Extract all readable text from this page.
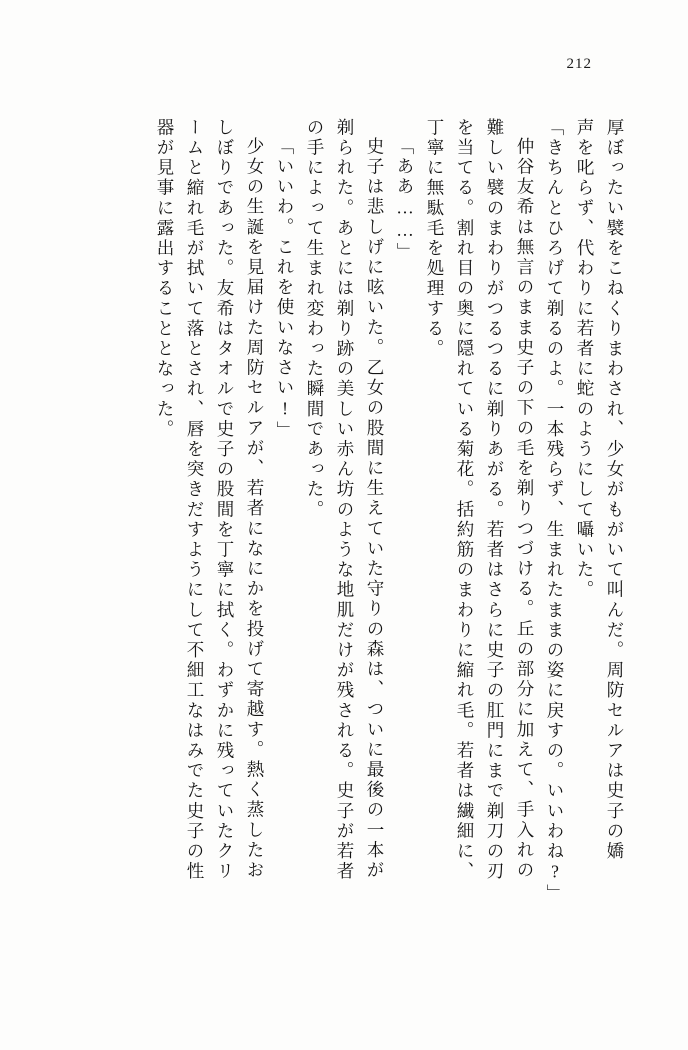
212
厚ぼったい襞をこねくりまわされ、少女がもがいて叫んだ。周防セルアは史子の嬌
声を叱らず、代わりに若者に蛇のようにして囁いた。
「きちんとひろげて剃るのよ。一本残らず、生まれたままの姿に戻すの。いいわね?」
仲谷友希は無言のまま史子の下の毛を剃りつづける。丘の部分に加えて、手入れの
難しい襞のまわりがつるつるに剃りあがる。若者はさらに史子の肛門にまで剃刀の刃
を当てる。割れ目の奥に隠れている菊花。括約筋のまわりに縮れ毛。若者は繊細に、
丁寧に無駄毛を処理する。
「ああ……」
史子は悲しげに呟いた。乙女の股間に生えていた守りの森は、ついに最後の一本が
剃られた。あとには剃り跡の美しい赤ん坊のような地肌だけが残される。史子が若者
の手によって生まれ変わった瞬間であった。
「いいわ。これを使いなさい!」
少女の生誕を見届けた周防セルアが、若者になにかを投げて寄越す。熱く蒸したお
しぼりであった。友希はタオルで史子の股間を丁寧に拭く。わずかに残っていたクリ
ームと縮れ毛が拭いて落とされ、唇を突きだすようにして不細工なはみでた史子の性
器が見事に露出することとなった。
